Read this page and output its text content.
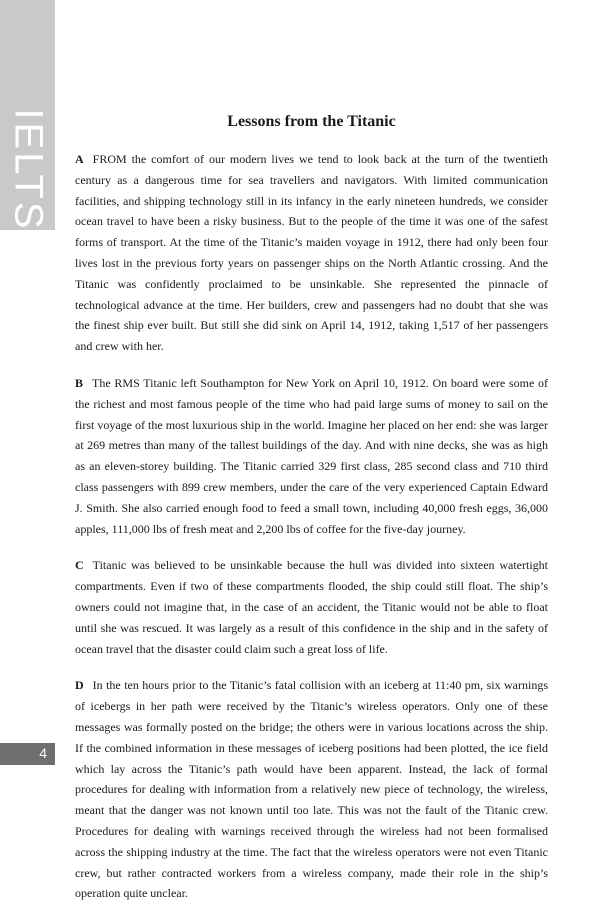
IELTS
4
Lessons from the Titanic

A FROM the comfort of our modern lives we tend to look back at the turn of the twentieth century as a dangerous time for sea travellers and navigators. With limited communication facilities, and shipping technology still in its infancy in the early nineteen hundreds, we consider ocean travel to have been a risky business. But to the people of the time it was one of the safest forms of transport. At the time of the Titanic’s maiden voyage in 1912, there had only been four lives lost in the previous forty years on passenger ships on the North Atlantic crossing. And the Titanic was confidently proclaimed to be unsinkable. She represented the pinnacle of technological advance at the time. Her builders, crew and passengers had no doubt that she was the finest ship ever built. But still she did sink on April 14, 1912, taking 1,517 of her passengers and crew with her.

B The RMS Titanic left Southampton for New York on April 10, 1912. On board were some of the richest and most famous people of the time who had paid large sums of money to sail on the first voyage of the most luxurious ship in the world. Imagine her placed on her end: she was larger at 269 metres than many of the tallest buildings of the day. And with nine decks, she was as high as an eleven-storey building. The Titanic carried 329 first class, 285 second class and 710 third class passengers with 899 crew members, under the care of the very experienced Captain Edward J. Smith. She also carried enough food to feed a small town, including 40,000 fresh eggs, 36,000 apples, 111,000 lbs of fresh meat and 2,200 lbs of coffee for the five-day journey.

C Titanic was believed to be unsinkable because the hull was divided into sixteen watertight compartments. Even if two of these compartments flooded, the ship could still float. The ship’s owners could not imagine that, in the case of an accident, the Titanic would not be able to float until she was rescued. It was largely as a result of this confidence in the ship and in the safety of ocean travel that the disaster could claim such a great loss of life.

D In the ten hours prior to the Titanic’s fatal collision with an iceberg at 11:40 pm, six warnings of icebergs in her path were received by the Titanic’s wireless operators. Only one of these messages was formally posted on the bridge; the others were in various locations across the ship. If the combined information in these messages of iceberg positions had been plotted, the ice field which lay across the Titanic’s path would have been apparent. Instead, the lack of formal procedures for dealing with information from a relatively new piece of technology, the wireless, meant that the danger was not known until too late. This was not the fault of the Titanic crew. Procedures for dealing with warnings received through the wireless had not been formalised across the shipping industry at the time. The fact that the wireless operators were not even Titanic crew, but rather contracted workers from a wireless company, made their role in the ship’s operation quite unclear.
